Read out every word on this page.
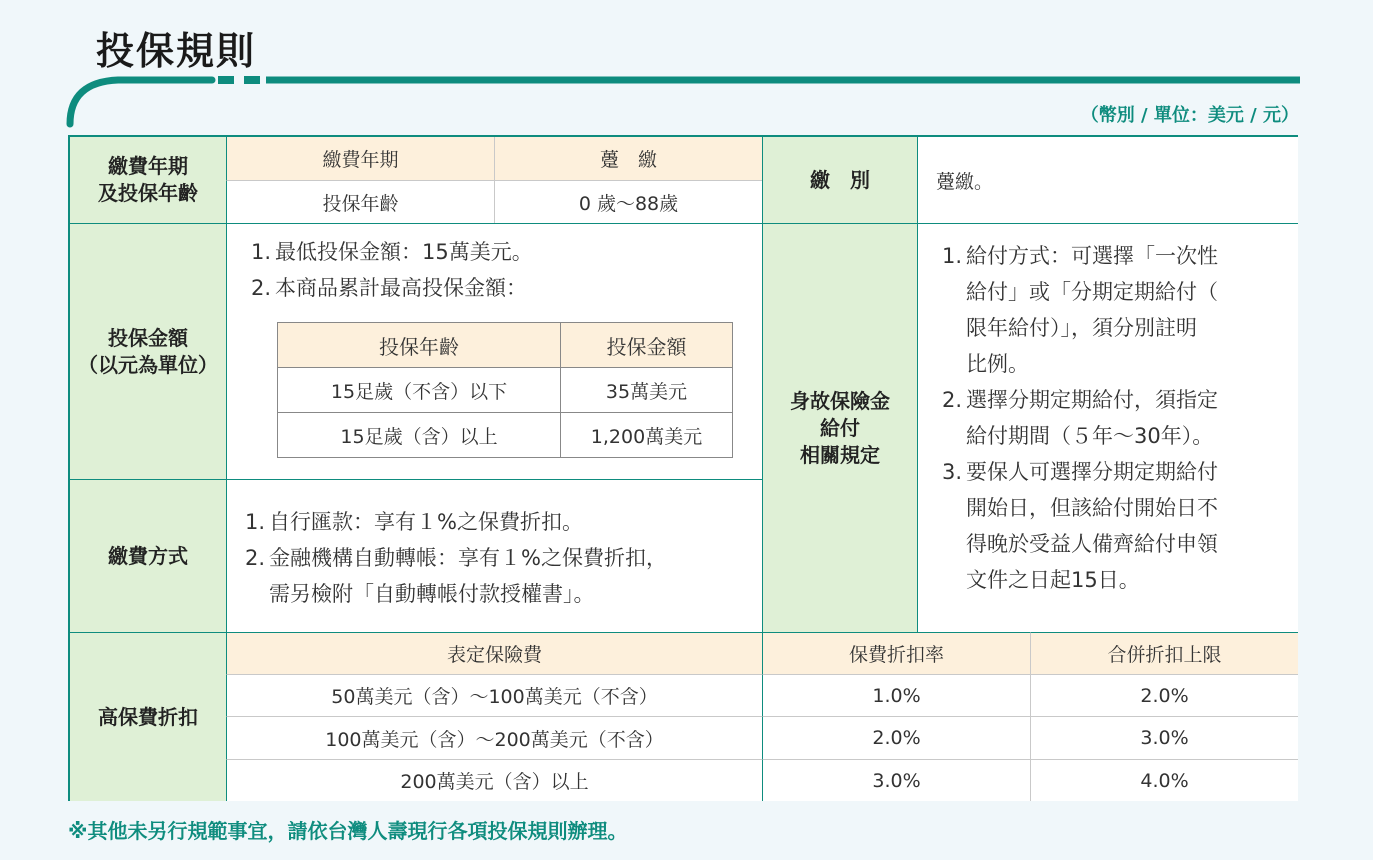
投保規則
（幣別 / 單位：美元 / 元）
繳費年期
及投保年齡
繳費年期	躉　繳
投保年齡	0 歲～88歲
繳　別	躉繳。
投保金額
（以元為單位）
1. 最低投保金額：15萬美元。
2. 本商品累計最高投保金額：
投保年齡	投保金額
15足歲（不含）以下	35萬美元
15足歲（含）以上	1,200萬美元
繳費方式
1. 自行匯款：享有１%之保費折扣。
2. 金融機構自動轉帳：享有１%之保費折扣，
需另檢附「自動轉帳付款授權書」。
身故保險金
給付
相關規定
1. 給付方式：可選擇「一次性
給付」或「分期定期給付（
限年給付）」，須分別註明
比例。
2. 選擇分期定期給付，須指定
給付期間（５年～30年）。
3. 要保人可選擇分期定期給付
開始日，但該給付開始日不
得晚於受益人備齊給付申領
文件之日起15日。
高保費折扣
表定保險費	保費折扣率	合併折扣上限
50萬美元（含）～100萬美元（不含）	1.0%	2.0%
100萬美元（含）～200萬美元（不含）	2.0%	3.0%
200萬美元（含）以上	3.0%	4.0%
※其他未另行規範事宜，請依台灣人壽現行各項投保規則辦理。
